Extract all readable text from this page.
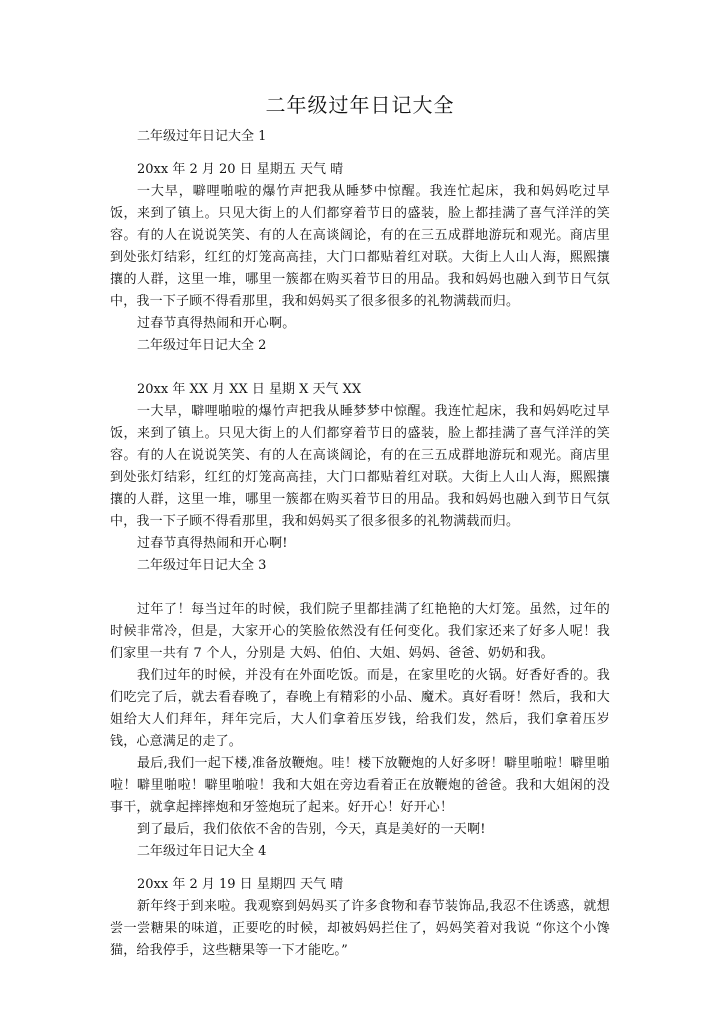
二年级过年日记大全

二年级过年日记大全 1

20xx 年 2 月 20 日 星期五 天气 晴

一大早，噼哩啪啦的爆竹声把我从睡梦中惊醒。我连忙起床，我和妈妈吃过早饭，来到了镇上。只见大街上的人们都穿着节日的盛装，脸上都挂满了喜气洋洋的笑容。有的人在说说笑笑、有的人在高谈阔论，有的在三五成群地游玩和观光。商店里到处张灯结彩，红红的灯笼高高挂，大门口都贴着红对联。大街上人山人海，熙熙攘攘的人群，这里一堆，哪里一簇都在购买着节日的用品。我和妈妈也融入到节日气氛中，我一下子顾不得看那里，我和妈妈买了很多很多的礼物满载而归。

过春节真得热闹和开心啊。

二年级过年日记大全 2

20xx 年 XX 月 XX 日 星期 X 天气 XX

一大早，噼哩啪啦的爆竹声把我从睡梦梦中惊醒。我连忙起床，我和妈妈吃过早饭，来到了镇上。只见大街上的人们都穿着节日的盛装，脸上都挂满了喜气洋洋的笑容。有的人在说说笑笑、有的人在高谈阔论，有的在三五成群地游玩和观光。商店里到处张灯结彩，红红的灯笼高高挂，大门口都贴着红对联。大街上人山人海，熙熙攘攘的人群，这里一堆，哪里一簇都在购买着节日的用品。我和妈妈也融入到节日气氛中，我一下子顾不得看那里，我和妈妈买了很多很多的礼物满载而归。

过春节真得热闹和开心啊!

二年级过年日记大全 3

过年了！每当过年的时候，我们院子里都挂满了红艳艳的大灯笼。虽然，过年的时候非常冷，但是，大家开心的笑脸依然没有任何变化。我们家还来了好多人呢！我们家里一共有 7 个人，分别是 大妈、伯伯、大姐、妈妈、爸爸、奶奶和我。

我们过年的时候，并没有在外面吃饭。而是，在家里吃的火锅。好香好香的。我们吃完了后，就去看春晚了，春晚上有精彩的小品、魔术。真好看呀！然后，我和大姐给大人们拜年，拜年完后，大人们拿着压岁钱，给我们发，然后，我们拿着压岁钱，心意满足的走了。

最后,我们一起下楼,准备放鞭炮。哇！楼下放鞭炮的人好多呀！噼里啪啦！噼里啪啦！噼里啪啦！噼里啪啦！我和大姐在旁边看着正在放鞭炮的爸爸。我和大姐闲的没事干，就拿起摔摔炮和牙签炮玩了起来。好开心！好开心！

到了最后，我们依依不舍的告别，今天，真是美好的一天啊!

二年级过年日记大全 4

20xx 年 2 月 19 日 星期四 天气 晴

新年终于到来啦。我观察到妈妈买了许多食物和春节装饰品,我忍不住诱惑，就想尝一尝糖果的味道，正要吃的时候，却被妈妈拦住了，妈妈笑着对我说 “你这个小馋猫，给我停手，这些糖果等一下才能吃。”
